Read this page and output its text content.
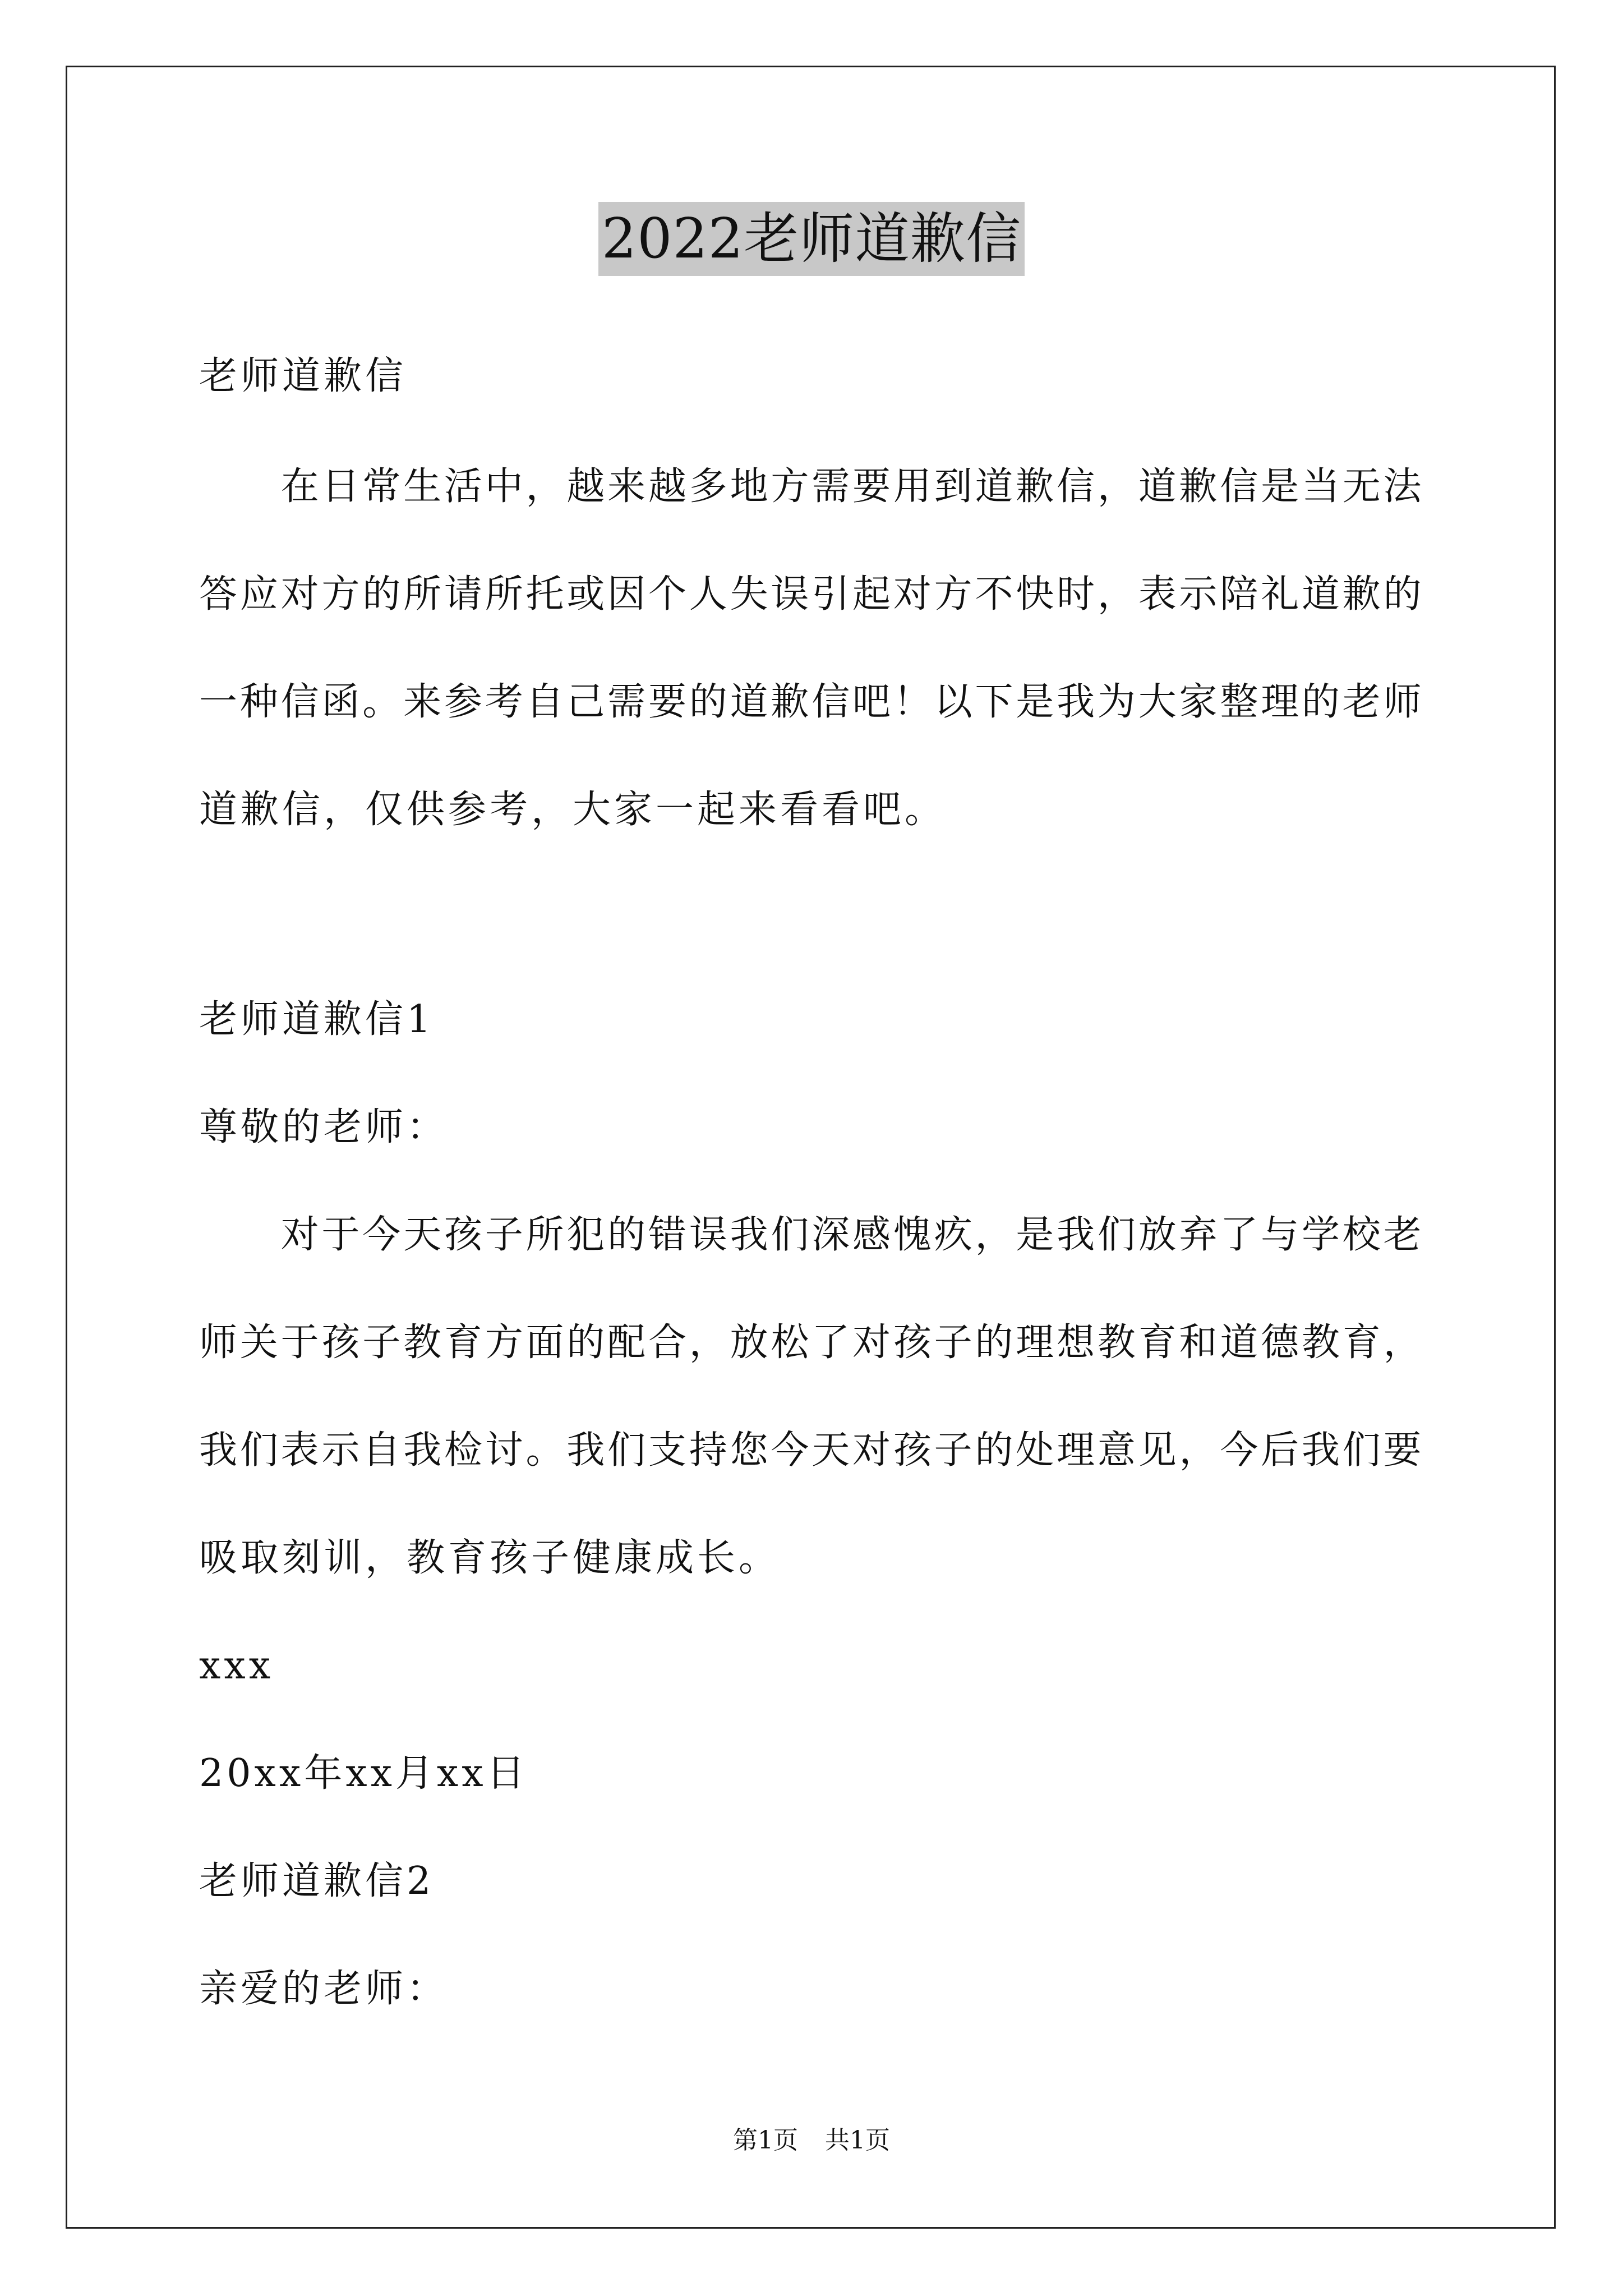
2022老师道歉信
老师道歉信

在 日 常 生 活 中 ， 越 来 越 多 地 方 需 要 用 到 道 歉 信 ， 道 歉 信 是 当 无 法
答 应 对 方 的 所 请 所 托 或 因 个 人 失 误 引 起 对 方 不 快 时 ， 表 示 陪 礼 道 歉 的
一 种 信 函 。 来 参 考 自 己 需 要 的 道 歉 信 吧 ！ 以 下 是 我 为 大 家 整 理 的 老 师
道歉信，仅供参考，大家一起来看看吧。
老师道歉信1
尊敬的老师：

对 于 今 天 孩 子 所 犯 的 错 误 我 们 深 感 愧 疚 ， 是 我 们 放 弃 了 与 学 校 老
师 关 于 孩 子 教 育 方 面 的 配 合 ， 放 松 了 对 孩 子 的 理 想 教 育 和 道 德 教 育 ，
我 们 表 示 自 我 检 讨 。 我 们 支 持 您 今 天 对 孩 子 的 处 理 意 见 ， 今 后 我 们 要
吸取刻训，教育孩子健康成长。
xxx
20xx年xx月xx日
老师道歉信2
亲爱的老师：
第1页 共1页
